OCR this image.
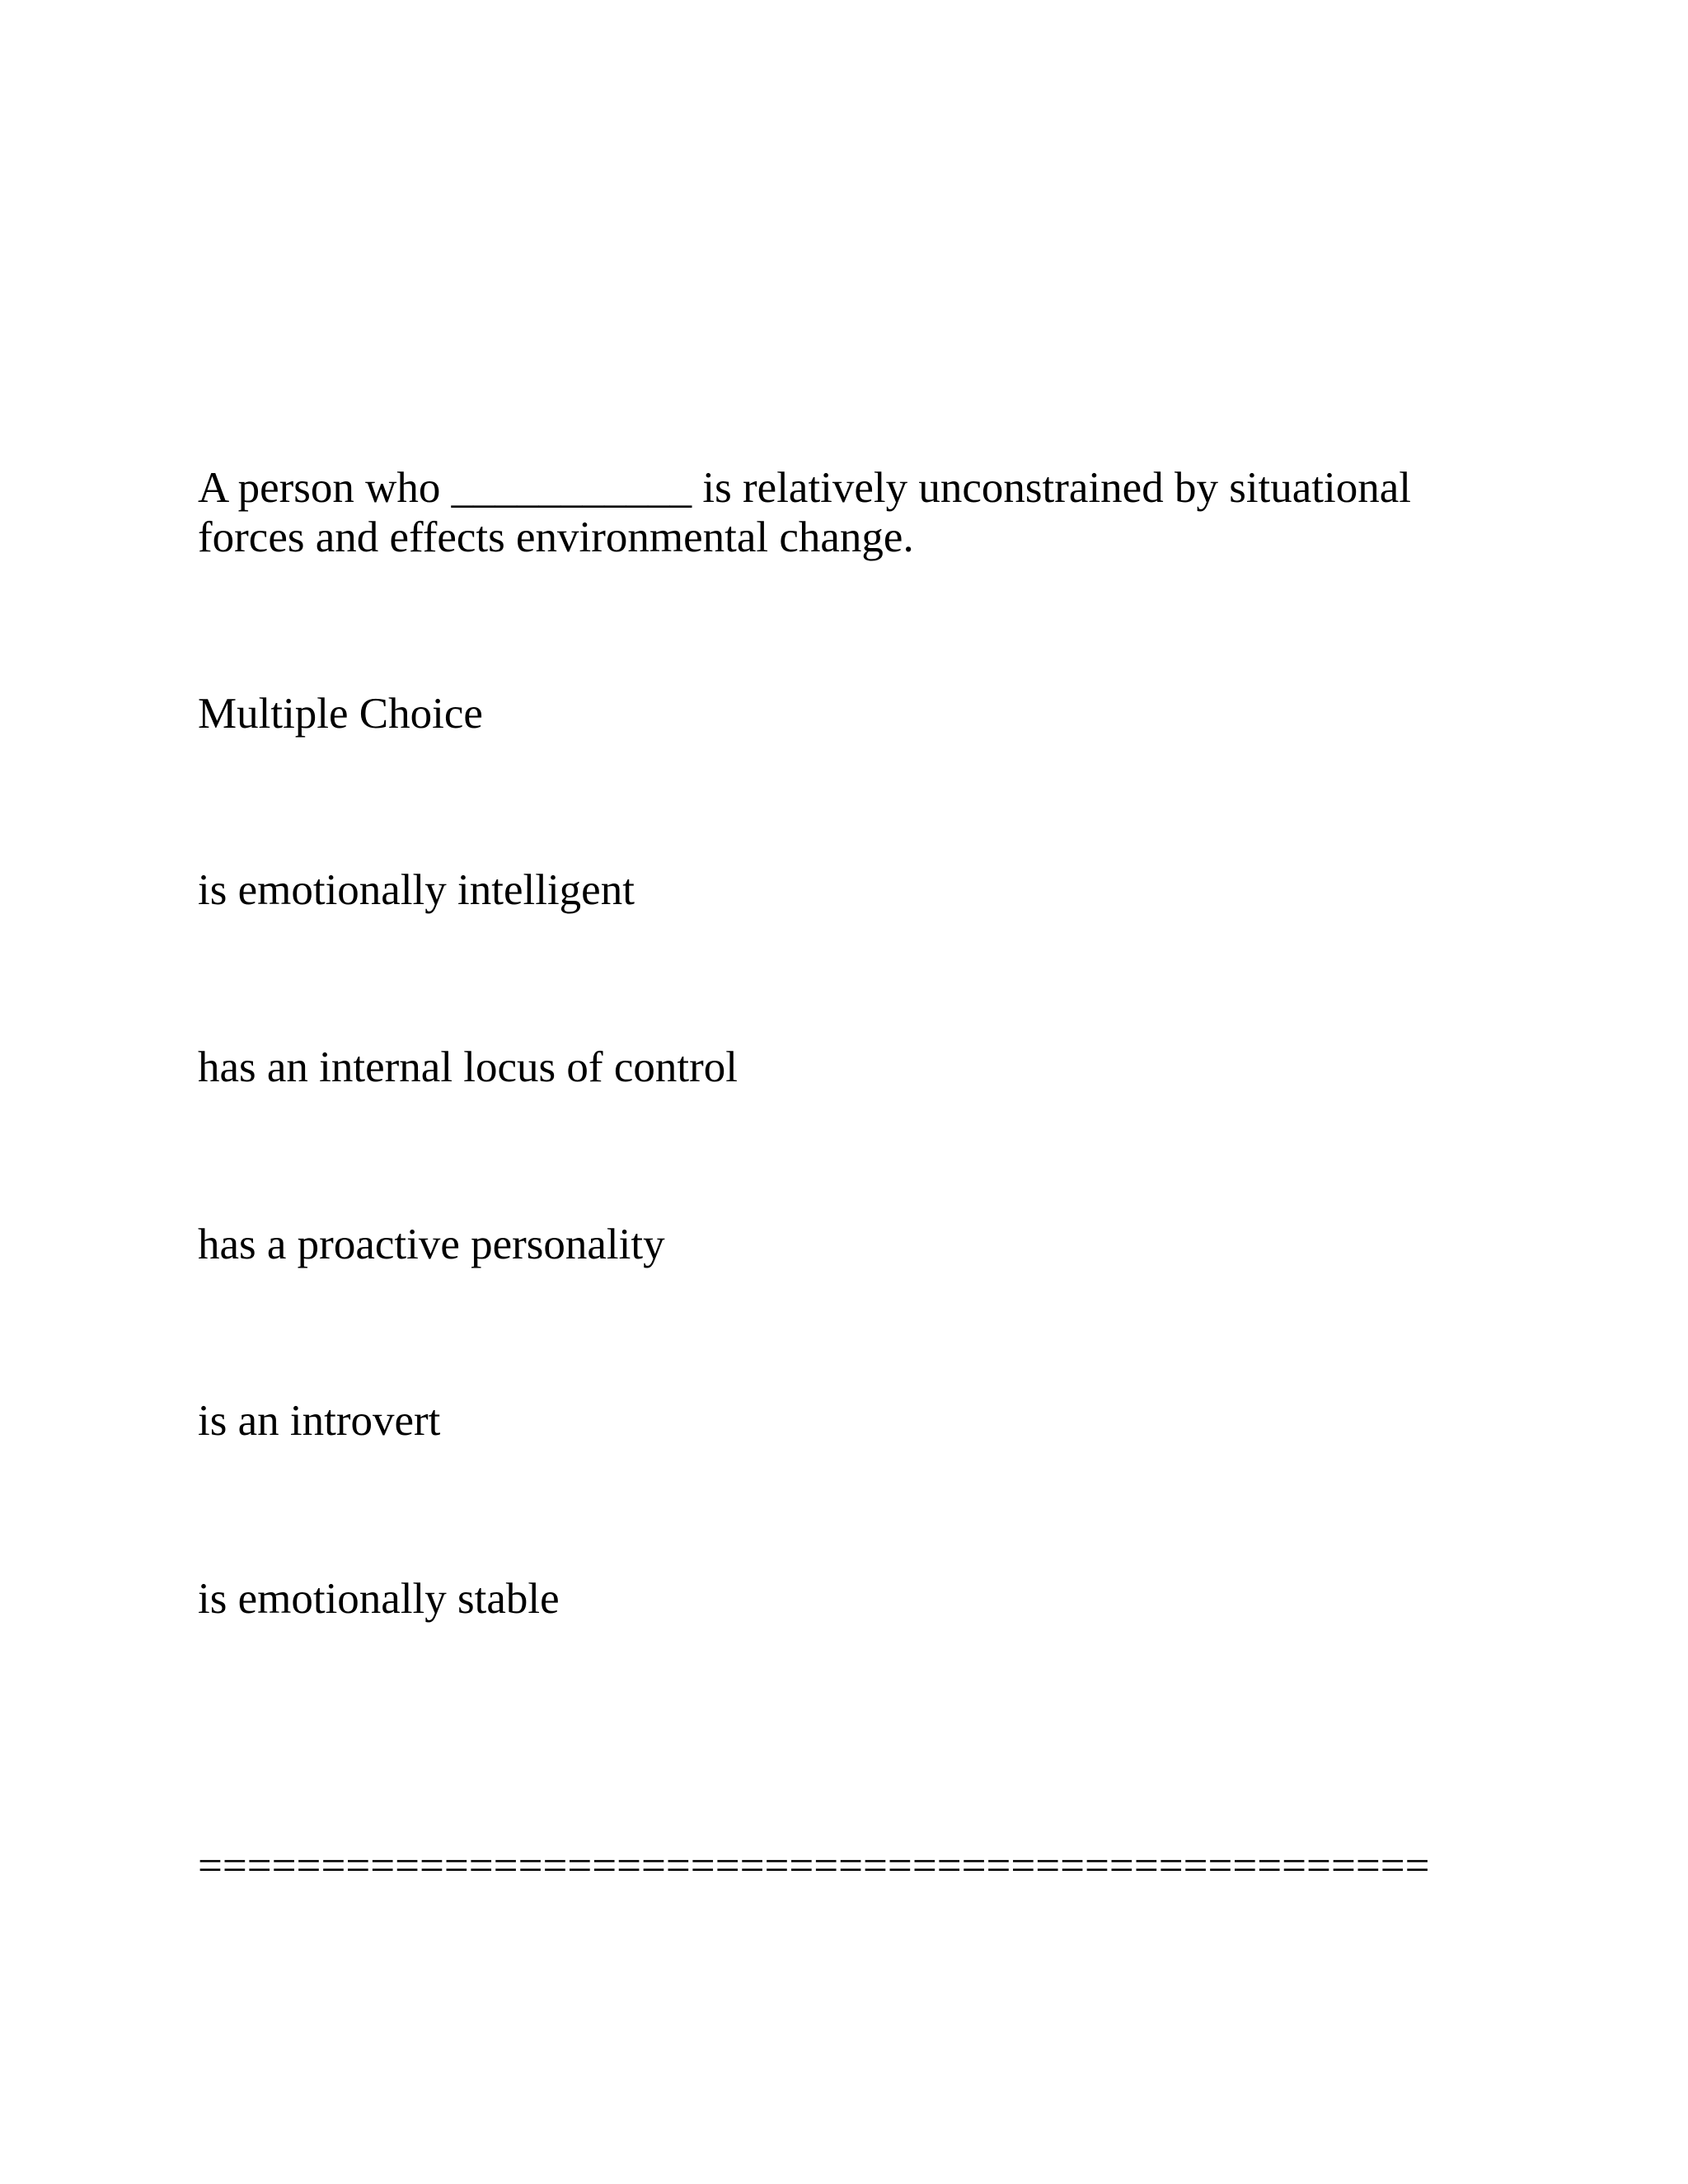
A person who ___________ is relatively unconstrained by situational
forces and effects environmental change.
Multiple Choice
is emotionally intelligent
has an internal locus of control
has a proactive personality
is an introvert
is emotionally stable
==================================================
